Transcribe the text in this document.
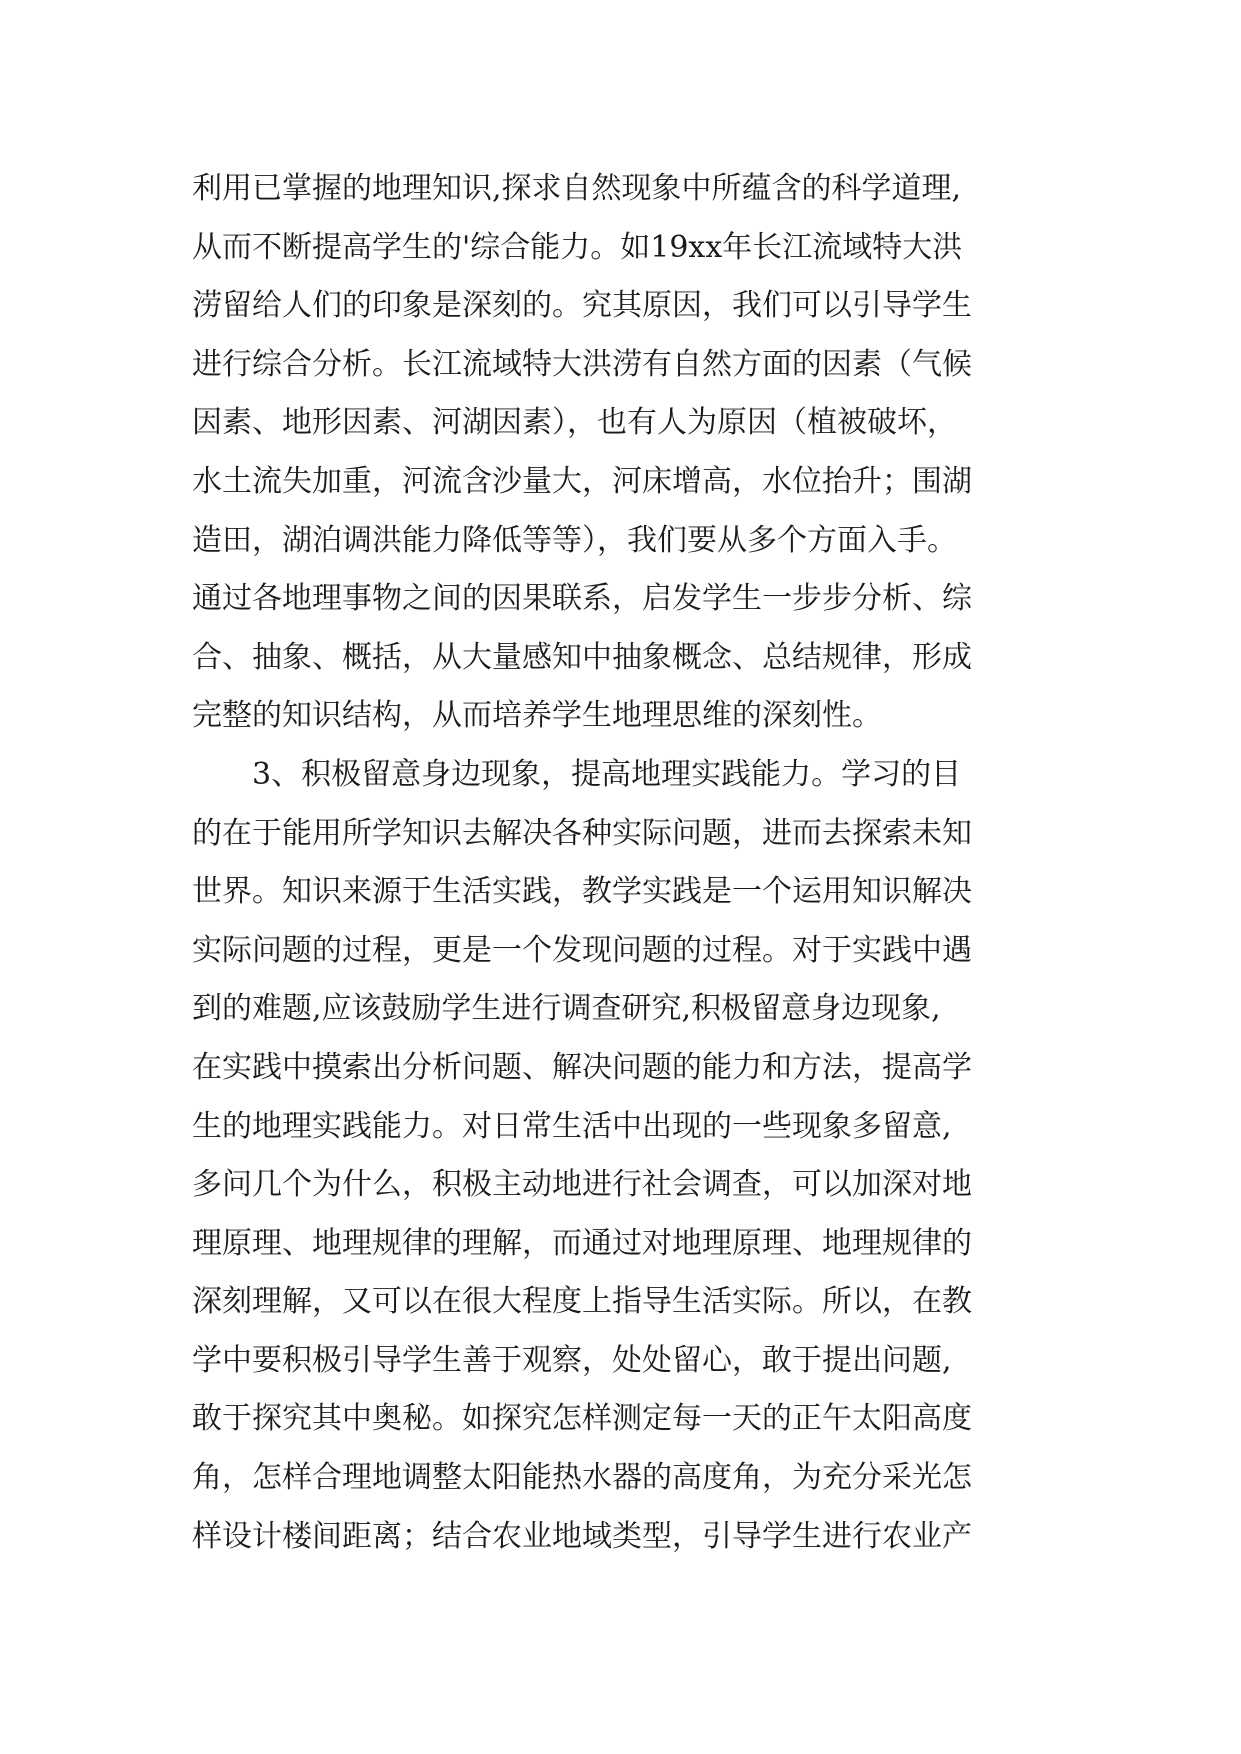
利用已掌握的地理知识,探求自然现象中所蕴含的科学道理,
从而不断提高学生的'综合能力。如19xx年长江流域特大洪
涝留给人们的印象是深刻的。究其原因，我们可以引导学生
进行综合分析。长江流域特大洪涝有自然方面的因素（气候
因素、地形因素、河湖因素），也有人为原因（植被破坏，
水土流失加重，河流含沙量大，河床增高，水位抬升；围湖
造田，湖泊调洪能力降低等等），我们要从多个方面入手。
通过各地理事物之间的因果联系，启发学生一步步分析、综
合、抽象、概括，从大量感知中抽象概念、总结规律，形成
完整的知识结构，从而培养学生地理思维的深刻性。
3、积极留意身边现象，提高地理实践能力。学习的目
的在于能用所学知识去解决各种实际问题，进而去探索未知
世界。知识来源于生活实践，教学实践是一个运用知识解决
实际问题的过程，更是一个发现问题的过程。对于实践中遇
到的难题,应该鼓励学生进行调查研究,积极留意身边现象,
在实践中摸索出分析问题、解决问题的能力和方法，提高学
生的地理实践能力。对日常生活中出现的一些现象多留意,
多问几个为什么，积极主动地进行社会调查，可以加深对地
理原理、地理规律的理解，而通过对地理原理、地理规律的
深刻理解，又可以在很大程度上指导生活实际。所以，在教
学中要积极引导学生善于观察，处处留心，敢于提出问题,
敢于探究其中奥秘。如探究怎样测定每一天的正午太阳高度
角，怎样合理地调整太阳能热水器的高度角，为充分采光怎
样设计楼间距离；结合农业地域类型，引导学生进行农业产
